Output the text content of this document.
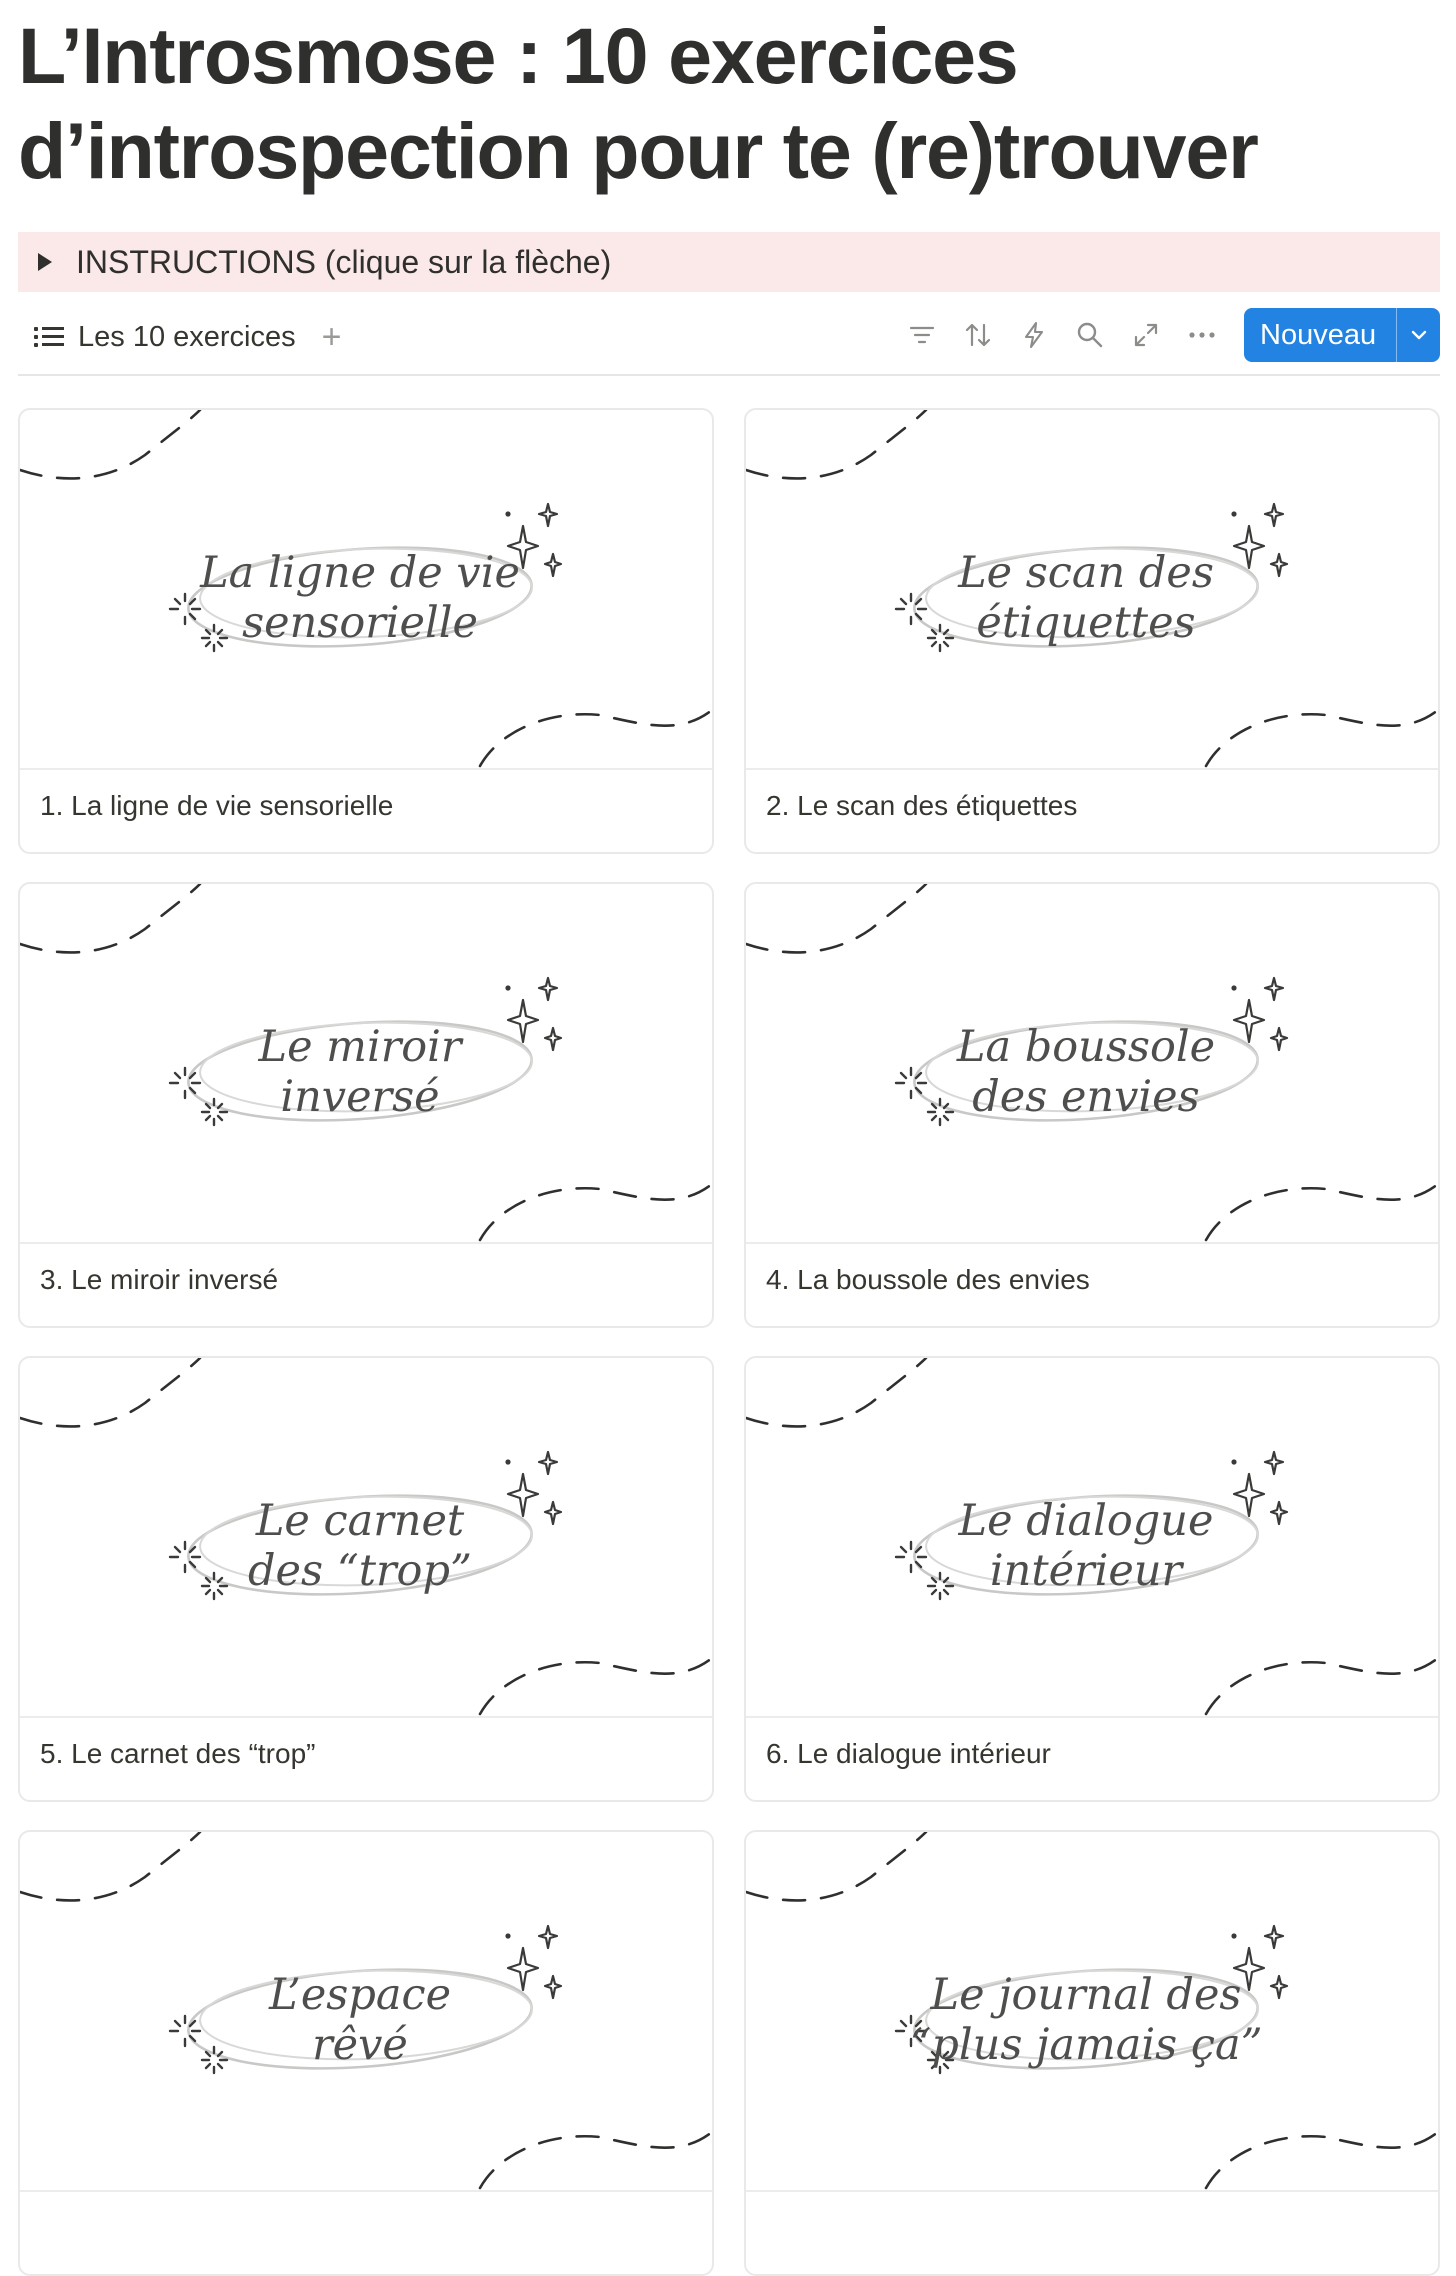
L’Introsmose : 10 exercices d’introspection pour te (re)trouver
INSTRUCTIONS (clique sur la flèche)
Les 10 exercices +	Nouveau
La ligne de vie
sensorielle
1. La ligne de vie sensorielle
Le scan des
étiquettes
2. Le scan des étiquettes
Le miroir
inversé
3. Le miroir inversé
La boussole
des envies
4. La boussole des envies
Le carnet
des “trop”
5. Le carnet des “trop”
Le dialogue
intérieur
6. Le dialogue intérieur
L’espace
rêvé
Le journal des
“plus jamais ça”
